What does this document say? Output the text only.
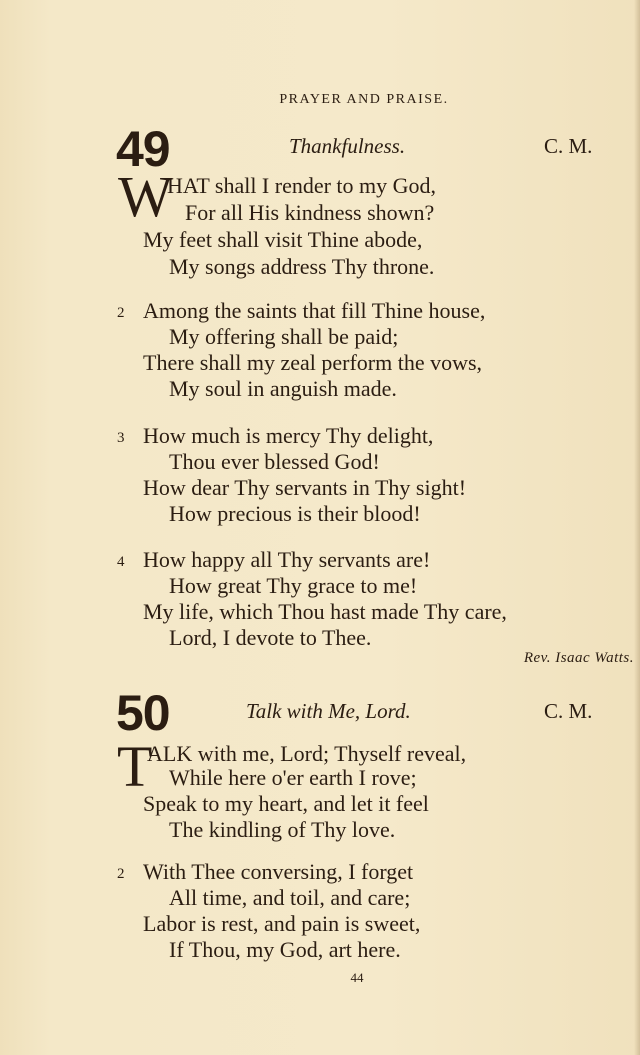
PRAYER AND PRAISE.
49	Thankfulness.	C. M.
W
HAT shall I render to my God,
For all His kindness shown?
My feet shall visit Thine abode,
My songs address Thy throne.
2 Among the saints that fill Thine house,
My offering shall be paid;
There shall my zeal perform the vows,
My soul in anguish made.
3 How much is mercy Thy delight,
Thou ever blessed God!
How dear Thy servants in Thy sight!
How precious is their blood!
4 How happy all Thy servants are!
How great Thy grace to me!
My life, which Thou hast made Thy care,
Lord, I devote to Thee.
Rev. Isaac Watts.
50	Talk with Me, Lord.	C. M.
T
ALK with me, Lord; Thyself reveal,
While here o'er earth I rove;
Speak to my heart, and let it feel
The kindling of Thy love.
2 With Thee conversing, I forget
All time, and toil, and care;
Labor is rest, and pain is sweet,
If Thou, my God, art here.
44
